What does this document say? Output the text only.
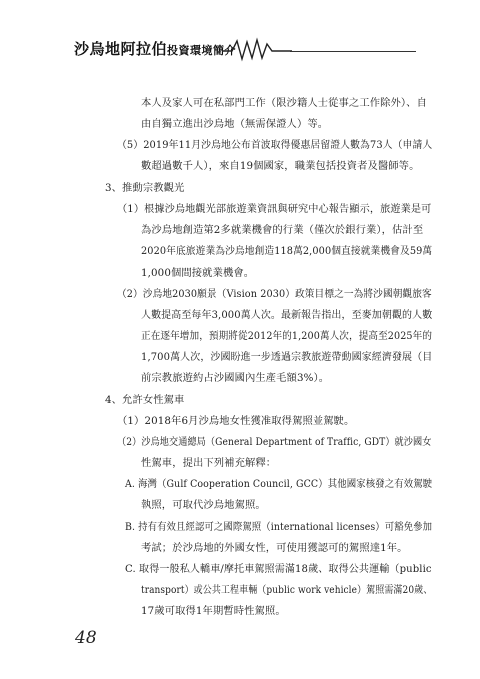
沙烏地阿拉伯投資環境簡介
本人及家人可在私部門工作（限沙籍人士從事之工作除外）、自
由自獨立進出沙烏地（無需保證人）等。
（5）2019年11月沙烏地公布首波取得優惠居留證人數為73人（申請人
數超過數千人），來自19個國家，職業包括投資者及醫師等。
3、推動宗教觀光
（1）根據沙烏地觀光部旅遊業資訊與研究中心報告顯示，旅遊業是可
為沙烏地創造第2多就業機會的行業（僅次於銀行業），估計至
2020年底旅遊業為沙烏地創造118萬2,000個直接就業機會及59萬
1,000個間接就業機會。
（2）沙烏地2030願景（Vision 2030）政策目標之一為將沙國朝觀旅客
人數提高至每年3,000萬人次。最新報告指出，至麥加朝觀的人數
正在逐年增加，預期將從2012年的1,200萬人次，提高至2025年的
1,700萬人次，沙國盼進一步透過宗教旅遊帶動國家經濟發展（目
前宗教旅遊約占沙國國內生產毛額3%）。
4、允許女性駕車
（1）2018年6月沙烏地女性獲准取得駕照並駕駛。
（2）沙烏地交通總局（General Department of Traffic, GDT）就沙國女
性駕車，提出下列補充解釋：
A. 海灣（Gulf Cooperation Council, GCC）其他國家核發之有效駕駛
執照，可取代沙烏地駕照。
B. 持有有效且經認可之國際駕照（international licenses）可豁免參加
考試；於沙烏地的外國女性，可使用獲認可的駕照達1年。
C. 取得一般私人轎車/摩托車駕照需滿18歲、取得公共運輸（public
transport）或公共工程車輛（public work vehicle）駕照需滿20歲、
17歲可取得1年期暫時性駕照。
48
